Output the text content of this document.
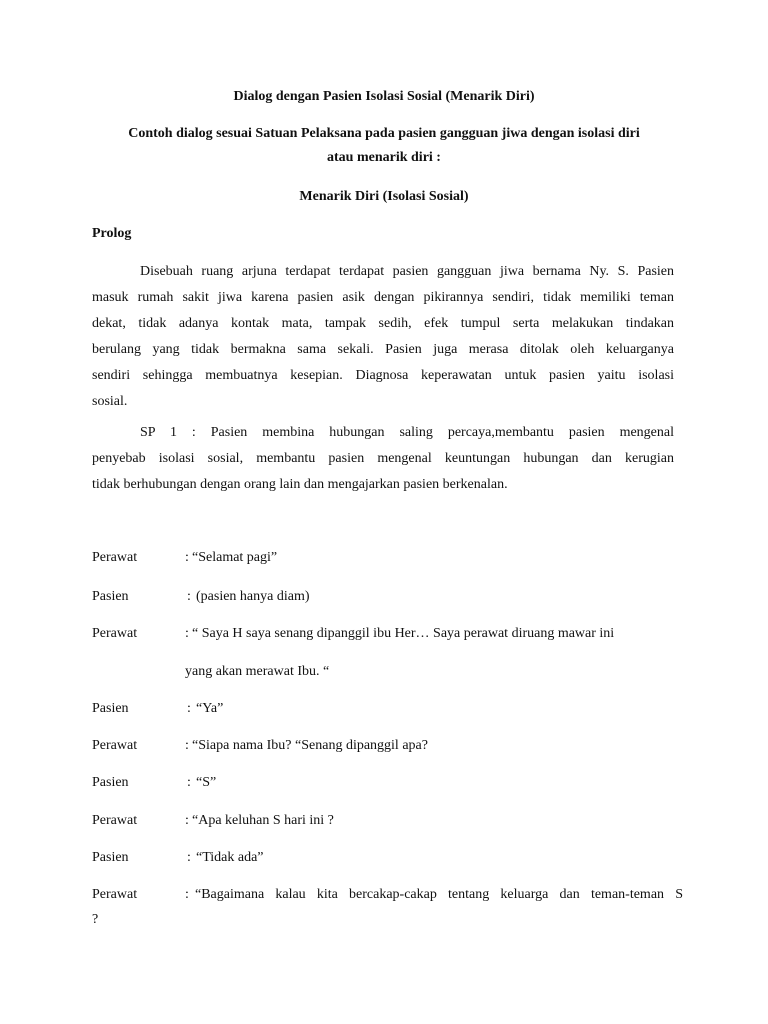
Dialog dengan Pasien Isolasi Sosial (Menarik Diri)
Contoh dialog sesuai Satuan Pelaksana pada pasien gangguan jiwa dengan isolasi diri
atau menarik diri :
Menarik Diri (Isolasi Sosial)
Prolog
Disebuah ruang arjuna terdapat terdapat pasien gangguan jiwa bernama Ny. S. Pasien
masuk rumah sakit jiwa karena pasien asik dengan pikirannya sendiri, tidak memiliki teman
dekat, tidak adanya kontak mata, tampak sedih, efek tumpul serta melakukan tindakan
berulang yang tidak bermakna sama sekali. Pasien juga merasa ditolak oleh keluarganya
sendiri sehingga membuatnya kesepian. Diagnosa keperawatan untuk pasien yaitu isolasi
sosial.
SP 1 : Pasien membina hubungan saling percaya,membantu pasien mengenal
penyebab isolasi sosial, membantu pasien mengenal keuntungan hubungan dan kerugian
tidak berhubungan dengan orang lain dan mengajarkan pasien berkenalan.
Perawat	: “Selamat pagi”
Pasien	: (pasien hanya diam)
Perawat	: “ Saya H saya senang dipanggil ibu Her… Saya perawat diruang mawar ini
yang akan merawat Ibu. “
Pasien	: “Ya”
Perawat	: “Siapa nama Ibu? “Senang dipanggil apa?
Pasien	: “S”
Perawat	: “Apa keluhan S hari ini ?
Pasien	: “Tidak ada”
Perawat	: “Bagaimana kalau kita bercakap-cakap tentang keluarga dan teman-teman S
?
